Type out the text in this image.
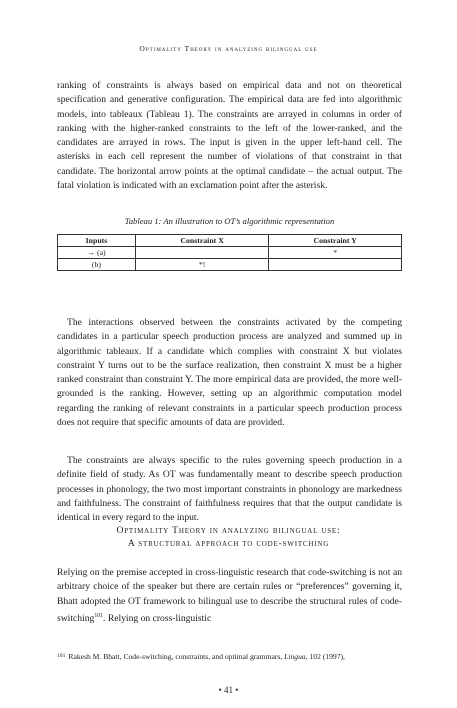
Optimality Theory in analyzing bilingual use
ranking of constraints is always based on empirical data and not on theoretical specification and generative configuration. The empirical data are fed into algorithmic models, into tableaux (Tableau 1). The constraints are arrayed in columns in order of ranking with the higher-ranked constraints to the left of the lower-ranked, and the candidates are arrayed in rows. The input is given in the upper left-hand cell. The asterisks in each cell represent the number of violations of that constraint in that candidate. The horizontal arrow points at the optimal candidate – the actual output. The fatal violation is indicated with an exclamation point after the asterisk.
Tableau 1: An illustration to OT’s algorithmic representation
Inputs	Constraint X	Constraint Y
→ (a)		*
(b)	*!	
The interactions observed between the constraints activated by the competing candidates in a particular speech production process are analyzed and summed up in algorithmic tableaux. If a candidate which complies with constraint X but violates constraint Y turns out to be the surface realization, then constraint X must be a higher ranked constraint than constraint Y. The more empirical data are provided, the more well-grounded is the ranking. However, setting up an algorithmic computation model regarding the ranking of relevant constraints in a particular speech production process does not require that specific amounts of data are provided.
The constraints are always specific to the rules governing speech production in a definite field of study. As OT was fundamentally meant to describe speech production processes in phonology, the two most important constraints in phonology are markedness and faithfulness. The constraint of faithfulness requires that that the output candidate is identical in every regard to the input.
Optimality Theory in analyzing bilingual use:
A structural approach to code-switching
Relying on the premise accepted in cross-linguistic research that code-switching is not an arbitrary choice of the speaker but there are certain rules or “preferences” governing it, Bhatt adopted the OT framework to bilingual use to describe the structural rules of code-switching$^{101}$. Relying on cross-linguistic
$^{101}$ Rakesh M. Bhatt, Code-switching, constraints, and optimal grammars, Lingua, 102 (1997),
• 41 •
